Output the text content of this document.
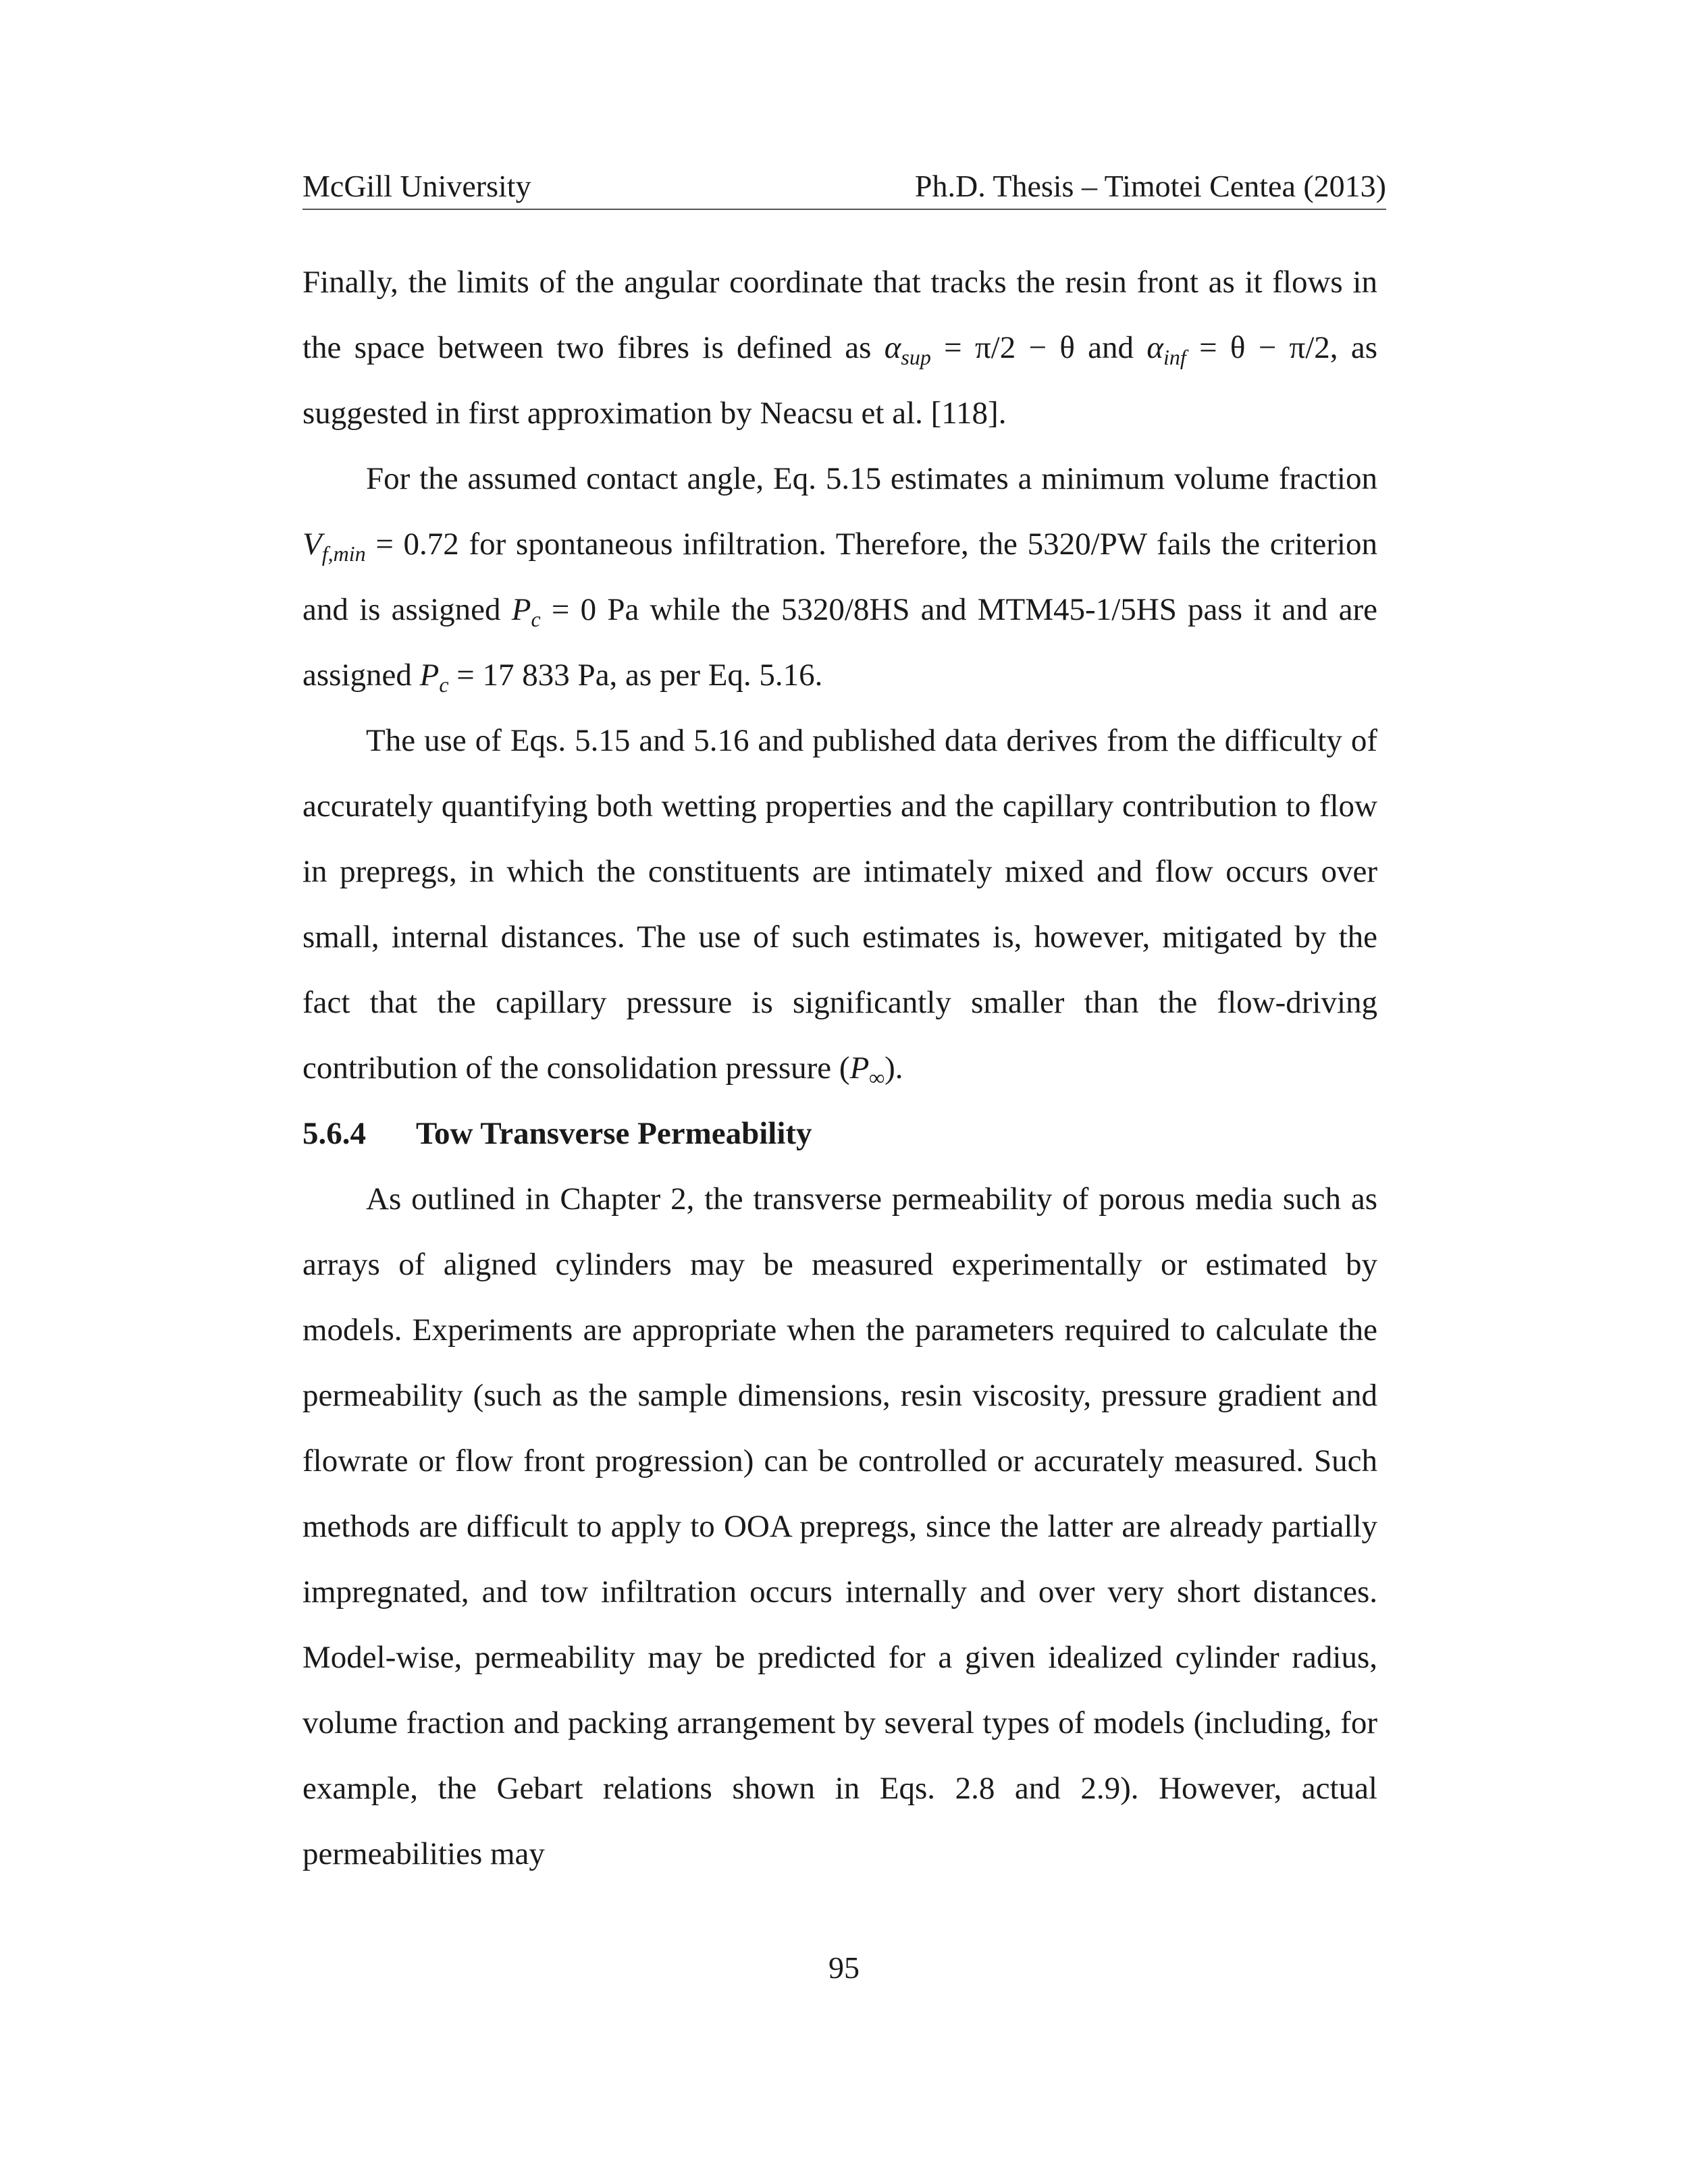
McGill University	Ph.D. Thesis – Timotei Centea (2013)

Finally, the limits of the angular coordinate that tracks the resin front as it flows in the space between two fibres is defined as $\alpha_{sup} = \pi/2 - \theta$ and $\alpha_{inf} = \theta - \pi/2$, as suggested in first approximation by Neacsu et al. [118].

For the assumed contact angle, Eq. 5.15 estimates a minimum volume fraction $V_{f,min} = 0.72$ for spontaneous infiltration. Therefore, the 5320/PW fails the criterion and is assigned $P_c = 0$ Pa while the 5320/8HS and MTM45-1/5HS pass it and are assigned $P_c = 17$ 833 Pa, as per Eq. 5.16.

The use of Eqs. 5.15 and 5.16 and published data derives from the difficulty of accurately quantifying both wetting properties and the capillary contribution to flow in prepregs, in which the constituents are intimately mixed and flow occurs over small, internal distances. The use of such estimates is, however, mitigated by the fact that the capillary pressure is significantly smaller than the flow-driving contribution of the consolidation pressure $(P_\infty)$.

5.6.4 Tow Transverse Permeability

As outlined in Chapter 2, the transverse permeability of porous media such as arrays of aligned cylinders may be measured experimentally or estimated by models. Experiments are appropriate when the parameters required to calculate the permeability (such as the sample dimensions, resin viscosity, pressure gradient and flowrate or flow front progression) can be controlled or accurately measured. Such methods are difficult to apply to OOA prepregs, since the latter are already partially impregnated, and tow infiltration occurs internally and over very short distances. Model-wise, permeability may be predicted for a given idealized cylinder radius, volume fraction and packing arrangement by several types of models (including, for example, the Gebart relations shown in Eqs. 2.8 and 2.9). However, actual permeabilities may

95
